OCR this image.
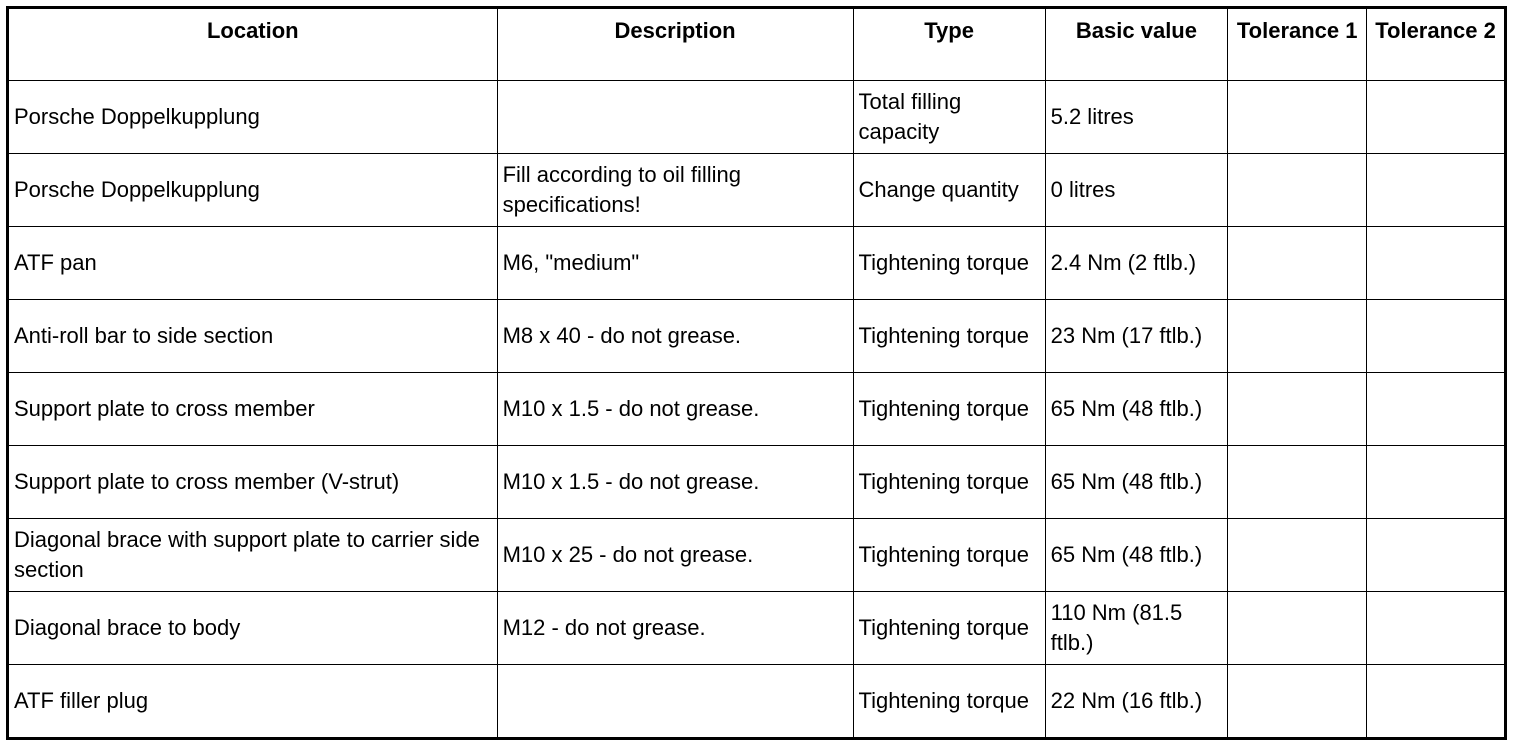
Location	Description	Type	Basic value	Tolerance 1	Tolerance 2
Porsche Doppelkupplung		Total filling capacity	5.2 litres		
Porsche Doppelkupplung	Fill according to oil filling specifications!	Change quantity	0 litres		
ATF pan	M6, "medium"	Tightening torque	2.4 Nm (2 ftlb.)		
Anti-roll bar to side section	M8 x 40 - do not grease.	Tightening torque	23 Nm (17 ftlb.)		
Support plate to cross member	M10 x 1.5 - do not grease.	Tightening torque	65 Nm (48 ftlb.)		
Support plate to cross member (V-strut)	M10 x 1.5 - do not grease.	Tightening torque	65 Nm (48 ftlb.)		
Diagonal brace with support plate to carrier side section	M10 x 25 - do not grease.	Tightening torque	65 Nm (48 ftlb.)		
Diagonal brace to body	M12 - do not grease.	Tightening torque	110 Nm (81.5 ftlb.)		
ATF filler plug		Tightening torque	22 Nm (16 ftlb.)		
